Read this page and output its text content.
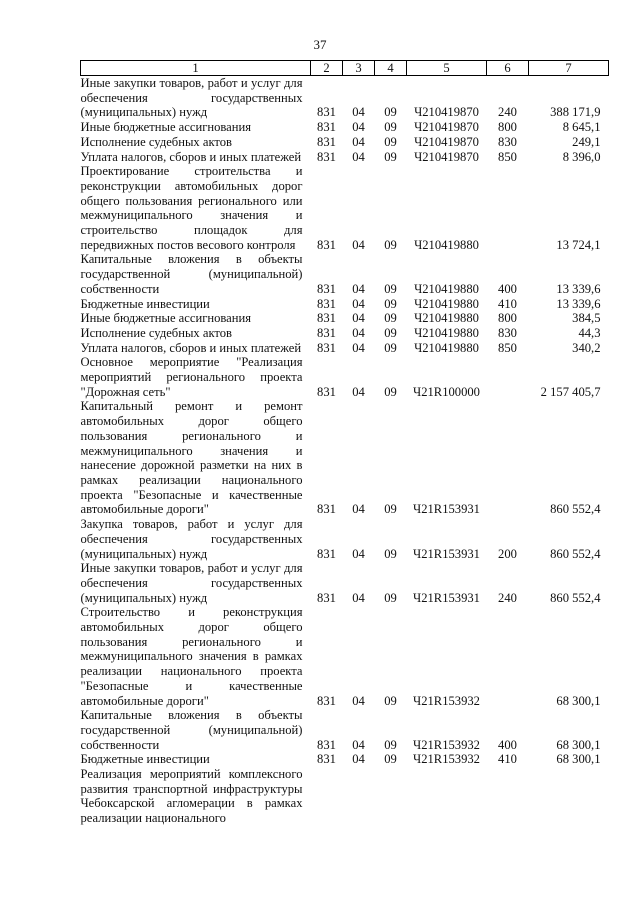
37
1	2	3	4	5	6	7
Иные закупки товаров, работ и услуг для обеспечения государственных (муниципальных) нужд	831	04	09	Ч210419870	240	388 171,9
Иные бюджетные ассигнования	831	04	09	Ч210419870	800	8 645,1
Исполнение судебных актов	831	04	09	Ч210419870	830	249,1
Уплата налогов, сборов и иных платежей	831	04	09	Ч210419870	850	8 396,0
Проектирование строительства и реконструкции автомобильных дорог общего пользования регионального или межмуниципального значения и строительство площадок для передвижных постов весового контроля	831	04	09	Ч210419880		13 724,1
Капитальные вложения в объекты государственной (муниципальной) собственности	831	04	09	Ч210419880	400	13 339,6
Бюджетные инвестиции	831	04	09	Ч210419880	410	13 339,6
Иные бюджетные ассигнования	831	04	09	Ч210419880	800	384,5
Исполнение судебных актов	831	04	09	Ч210419880	830	44,3
Уплата налогов, сборов и иных платежей	831	04	09	Ч210419880	850	340,2
Основное мероприятие "Реализация мероприятий регионального проекта "Дорожная сеть"	831	04	09	Ч21R100000		2 157 405,7
Капитальный ремонт и ремонт автомобильных дорог общего пользования регионального и межмуниципального значения и нанесение дорожной разметки на них в рамках реализации национального проекта "Безопасные и качественные автомобильные дороги"	831	04	09	Ч21R153931		860 552,4
Закупка товаров, работ и услуг для обеспечения государственных (муниципальных) нужд	831	04	09	Ч21R153931	200	860 552,4
Иные закупки товаров, работ и услуг для обеспечения государственных (муниципальных) нужд	831	04	09	Ч21R153931	240	860 552,4
Строительство и реконструкция автомобильных дорог общего пользования регионального и межмуниципального значения в рамках реализации национального проекта "Безопасные и качественные автомобильные дороги"	831	04	09	Ч21R153932		68 300,1
Капитальные вложения в объекты государственной (муниципальной) собственности	831	04	09	Ч21R153932	400	68 300,1
Бюджетные инвестиции	831	04	09	Ч21R153932	410	68 300,1
Реализация мероприятий комплексного развития транспортной инфраструктуры Чебоксарской агломерации в рамках реализации национального						
